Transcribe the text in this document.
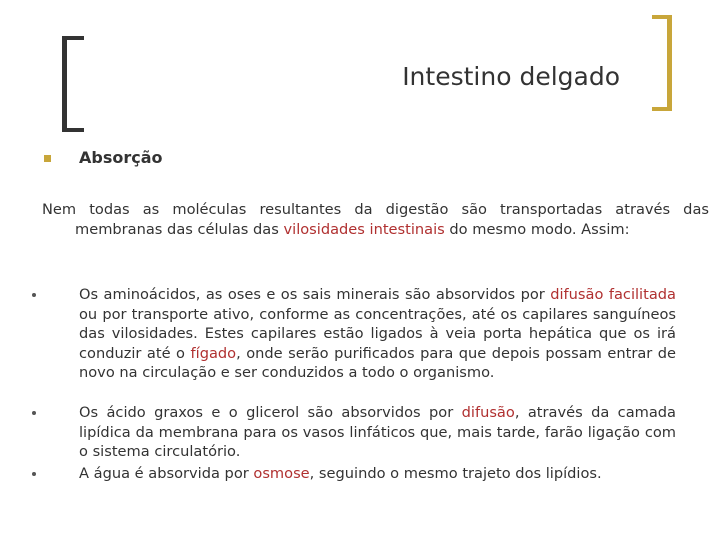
Intestino delgado
Absorção
Nem todas as moléculas resultantes da digestão são transportadas através das membranas das células das vilosidades intestinais do mesmo modo. Assim:
Os aminoácidos, as oses e os sais minerais são absorvidos por difusão facilitada ou por transporte ativo, conforme as concentrações, até os capilares sanguíneos das vilosidades. Estes capilares estão ligados à veia porta hepática que os irá conduzir até o fígado, onde serão purificados para que depois possam entrar de novo na circulação e ser conduzidos a todo o organismo.
Os ácido graxos e o glicerol são absorvidos por difusão, através da camada lipídica da membrana para os vasos linfáticos que, mais tarde, farão ligação com o sistema circulatório.
A água é absorvida por osmose, seguindo o mesmo trajeto dos lipídios.
